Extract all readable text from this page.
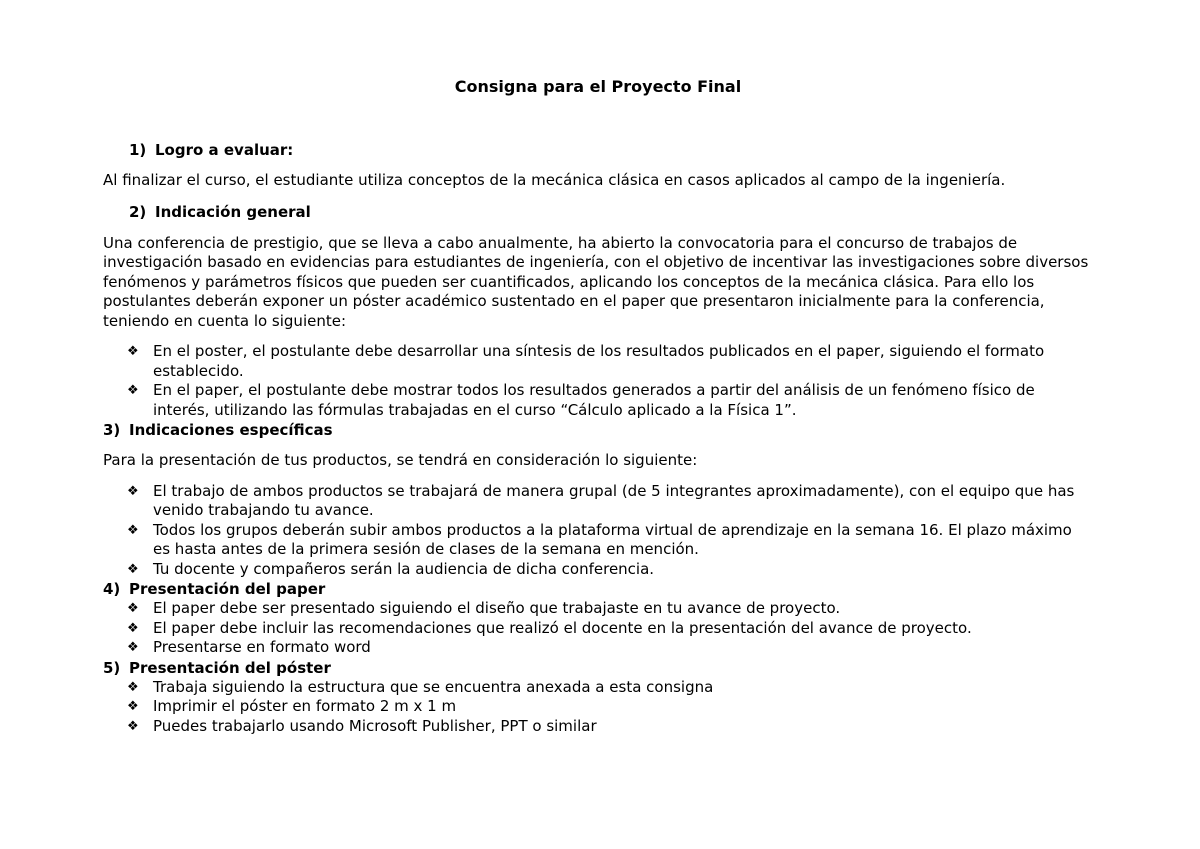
Consigna para el Proyecto Final
1) Logro a evaluar:

Al finalizar el curso, el estudiante utiliza conceptos de la mecánica clásica en casos aplicados al campo de la ingeniería.

2) Indicación general

Una conferencia de prestigio, que se lleva a cabo anualmente, ha abierto la convocatoria para el concurso de trabajos de investigación basado en evidencias para estudiantes de ingeniería, con el objetivo de incentivar las investigaciones sobre diversos fenómenos y parámetros físicos que pueden ser cuantificados, aplicando los conceptos de la mecánica clásica. Para ello los postulantes deberán exponer un póster académico sustentado en el paper que presentaron inicialmente para la conferencia, teniendo en cuenta lo siguiente:

❖ En el poster, el postulante debe desarrollar una síntesis de los resultados publicados en el paper, siguiendo el formato establecido.
❖ En el paper, el postulante debe mostrar todos los resultados generados a partir del análisis de un fenómeno físico de interés, utilizando las fórmulas trabajadas en el curso “Cálculo aplicado a la Física 1”.
3) Indicaciones específicas

Para la presentación de tus productos, se tendrá en consideración lo siguiente:

❖ El trabajo de ambos productos se trabajará de manera grupal (de 5 integrantes aproximadamente), con el equipo que has venido trabajando tu avance.
❖ Todos los grupos deberán subir ambos productos a la plataforma virtual de aprendizaje en la semana 16. El plazo máximo es hasta antes de la primera sesión de clases de la semana en mención.
❖ Tu docente y compañeros serán la audiencia de dicha conferencia.
4) Presentación del paper
❖ El paper debe ser presentado siguiendo el diseño que trabajaste en tu avance de proyecto.
❖ El paper debe incluir las recomendaciones que realizó el docente en la presentación del avance de proyecto.
❖ Presentarse en formato word
5) Presentación del póster
❖ Trabaja siguiendo la estructura que se encuentra anexada a esta consigna
❖ Imprimir el póster en formato 2 m x 1 m
❖ Puedes trabajarlo usando Microsoft Publisher, PPT o similar
